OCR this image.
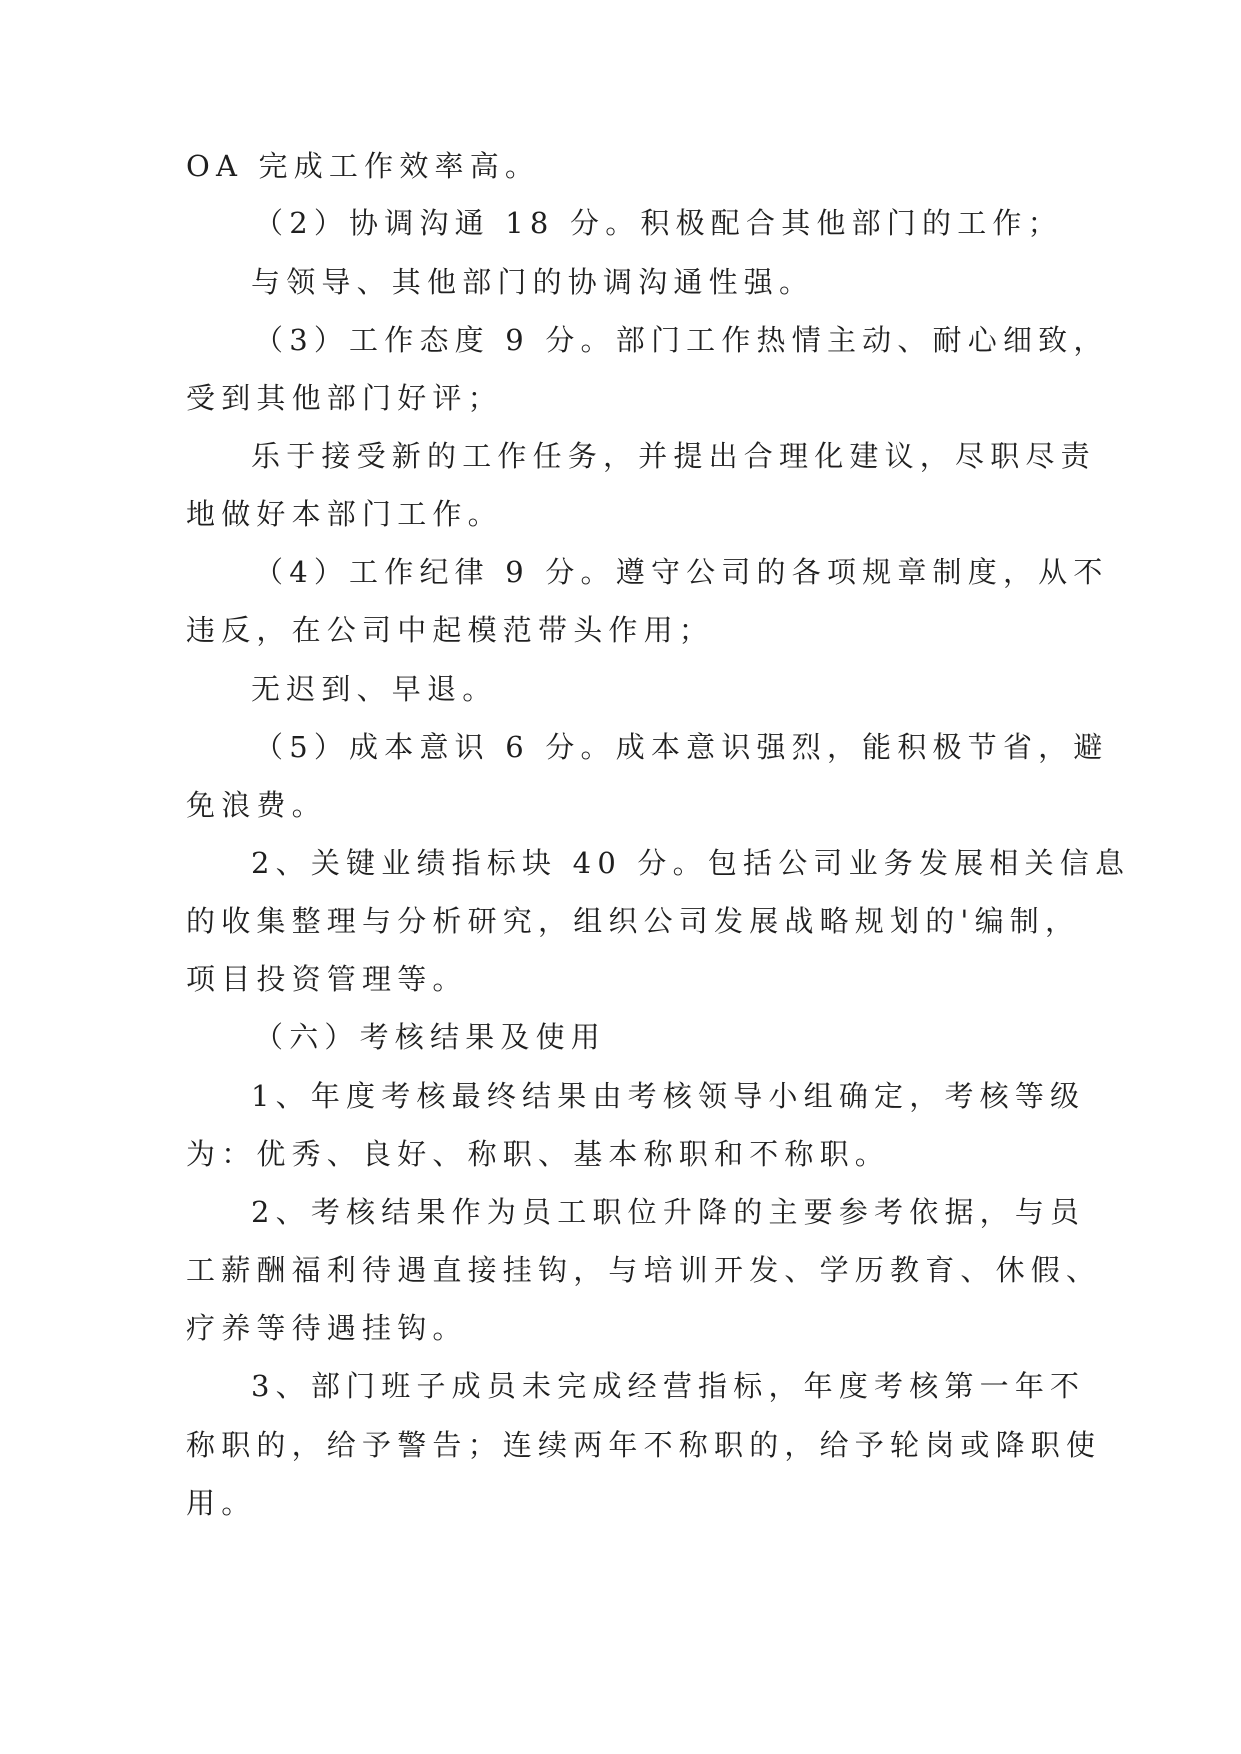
OA 完成工作效率高。
（2）协调沟通 18 分。积极配合其他部门的工作；
与领导、其他部门的协调沟通性强。
（3）工作态度 9 分。部门工作热情主动、耐心细致，
受到其他部门好评；
乐于接受新的工作任务，并提出合理化建议，尽职尽责
地做好本部门工作。
（4）工作纪律 9 分。遵守公司的各项规章制度，从不
违反，在公司中起模范带头作用；
无迟到、早退。
（5）成本意识 6 分。成本意识强烈，能积极节省，避
免浪费。
2、关键业绩指标块 40 分。包括公司业务发展相关信息
的收集整理与分析研究，组织公司发展战略规划的'编制，
项目投资管理等。
（六）考核结果及使用
1、年度考核最终结果由考核领导小组确定，考核等级
为：优秀、良好、称职、基本称职和不称职。
2、考核结果作为员工职位升降的主要参考依据，与员
工薪酬福利待遇直接挂钩，与培训开发、学历教育、休假、
疗养等待遇挂钩。
3、部门班子成员未完成经营指标，年度考核第一年不
称职的，给予警告；连续两年不称职的，给予轮岗或降职使
用。
